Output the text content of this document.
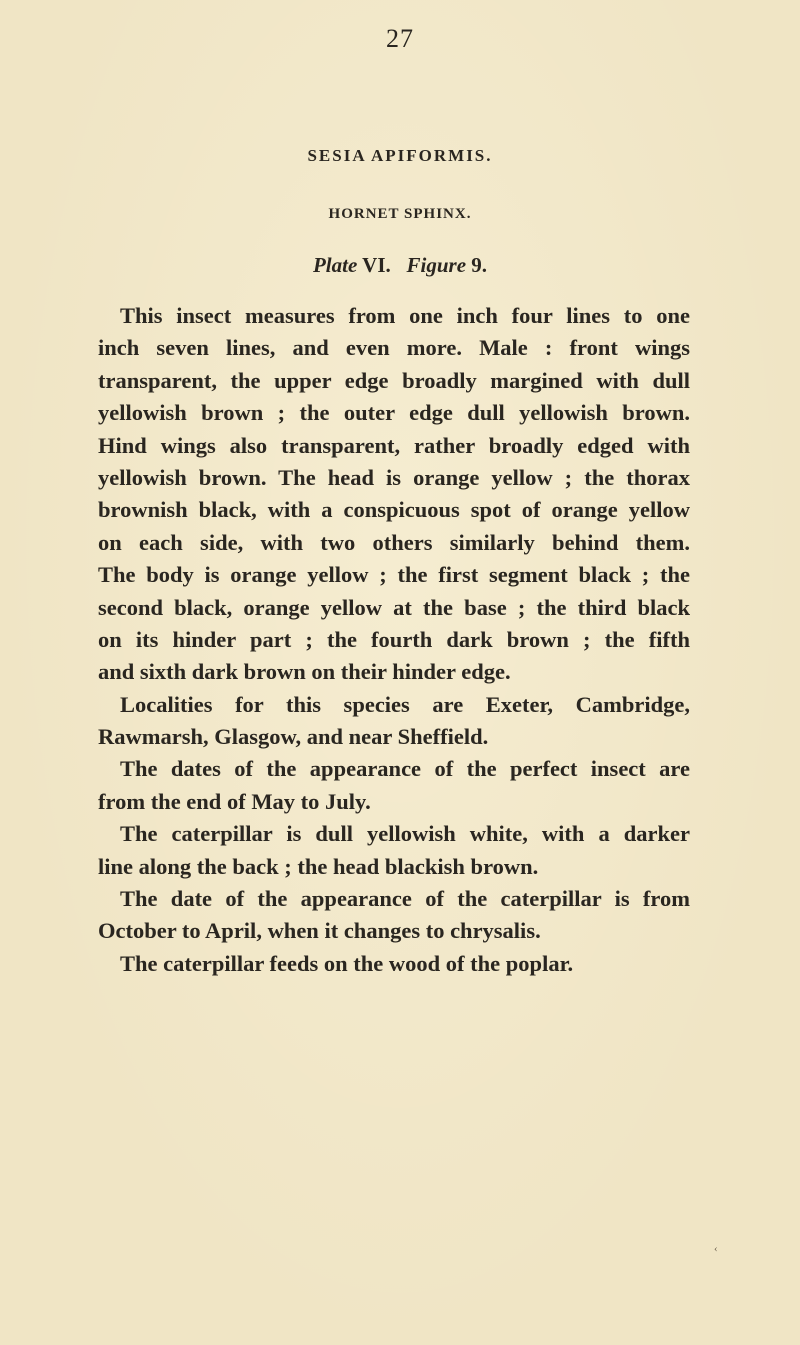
27
SESIA APIFORMIS.
HORNET SPHINX.
Plate VI. Figure 9.
This insect measures from one inch four lines to one
inch seven lines, and even more. Male : front wings
transparent, the upper edge broadly margined with dull
yellowish brown ; the outer edge dull yellowish brown.
Hind wings also transparent, rather broadly edged with
yellowish brown. The head is orange yellow ; the thorax
brownish black, with a conspicuous spot of orange yellow
on each side, with two others similarly behind them.
The body is orange yellow ; the first segment black ; the
second black, orange yellow at the base ; the third black
on its hinder part ; the fourth dark brown ; the fifth
and sixth dark brown on their hinder edge.
Localities for this species are Exeter, Cambridge,
Rawmarsh, Glasgow, and near Sheffield.
The dates of the appearance of the perfect insect are
from the end of May to July.
The caterpillar is dull yellowish white, with a darker
line along the back ; the head blackish brown.
The date of the appearance of the caterpillar is from
October to April, when it changes to chrysalis.
The caterpillar feeds on the wood of the poplar.
‹
